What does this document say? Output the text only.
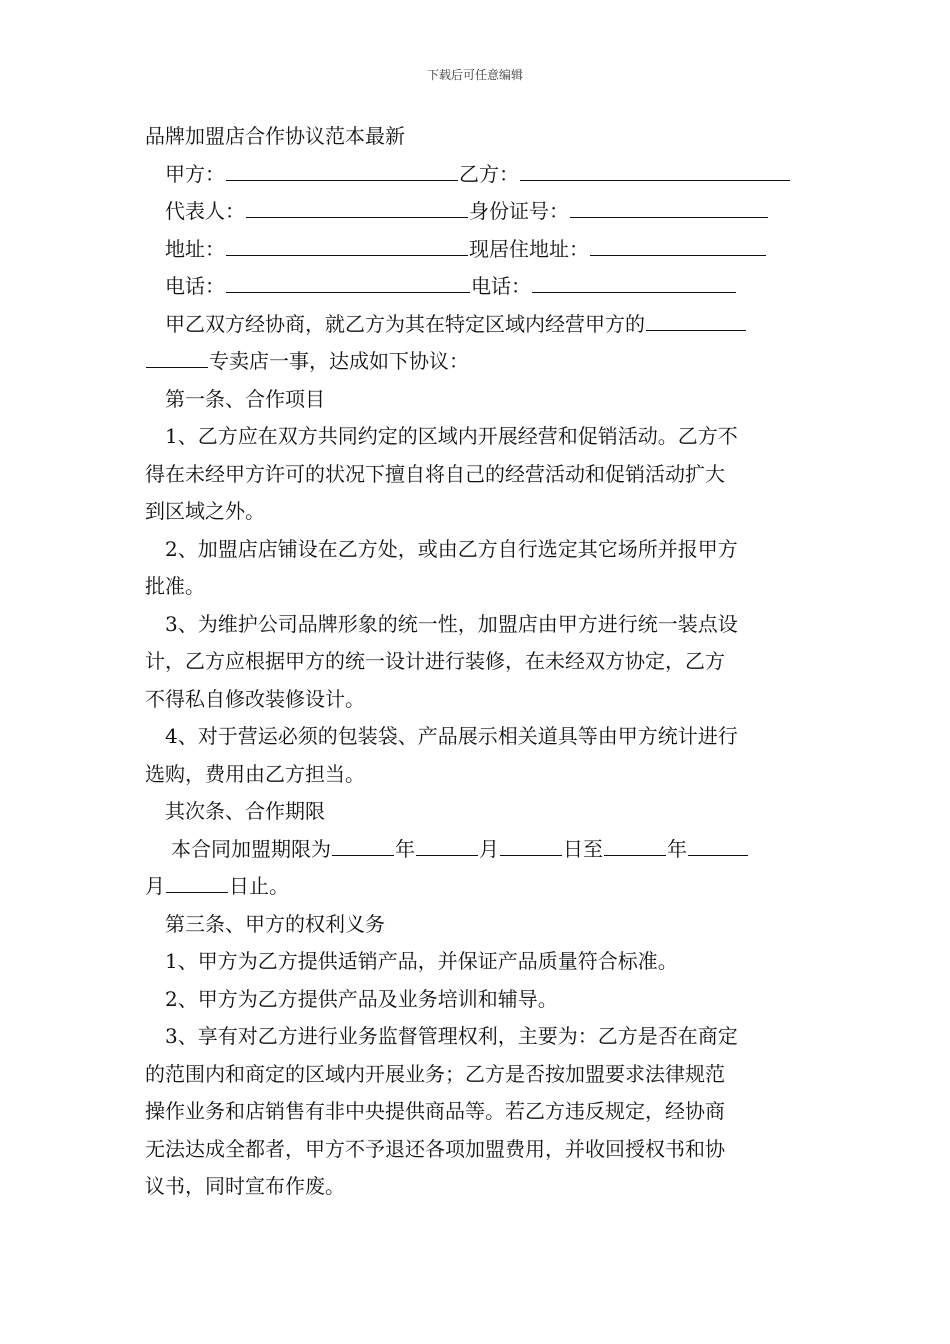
下载后可任意编辑
品牌加盟店合作协议范本最新
甲方：	乙方：
代表人：	身份证号：
地址：	现居住地址：
电话：	电话：
甲乙双方经协商，就乙方为其在特定区域内经营甲方的
专卖店一事，达成如下协议：
第一条、合作项目
1、乙方应在双方共同约定的区域内开展经营和促销活动。乙方不
得在未经甲方许可的状况下擅自将自己的经营活动和促销活动扩大
到区域之外。
2、加盟店店铺设在乙方处，或由乙方自行选定其它场所并报甲方
批准。
3、为维护公司品牌形象的统一性，加盟店由甲方进行统一装点设
计，乙方应根据甲方的统一设计进行装修，在未经双方协定，乙方
不得私自修改装修设计。
4、对于营运必须的包装袋、产品展示相关道具等由甲方统计进行
选购，费用由乙方担当。
其次条、合作期限
本合同加盟期限为	年	月	日至	年
月	日止。
第三条、甲方的权利义务
1、甲方为乙方提供适销产品，并保证产品质量符合标准。
2、甲方为乙方提供产品及业务培训和辅导。
3、享有对乙方进行业务监督管理权利，主要为：乙方是否在商定
的范围内和商定的区域内开展业务；乙方是否按加盟要求法律规范
操作业务和店销售有非中央提供商品等。若乙方违反规定，经协商
无法达成全都者，甲方不予退还各项加盟费用，并收回授权书和协
议书，同时宣布作废。
